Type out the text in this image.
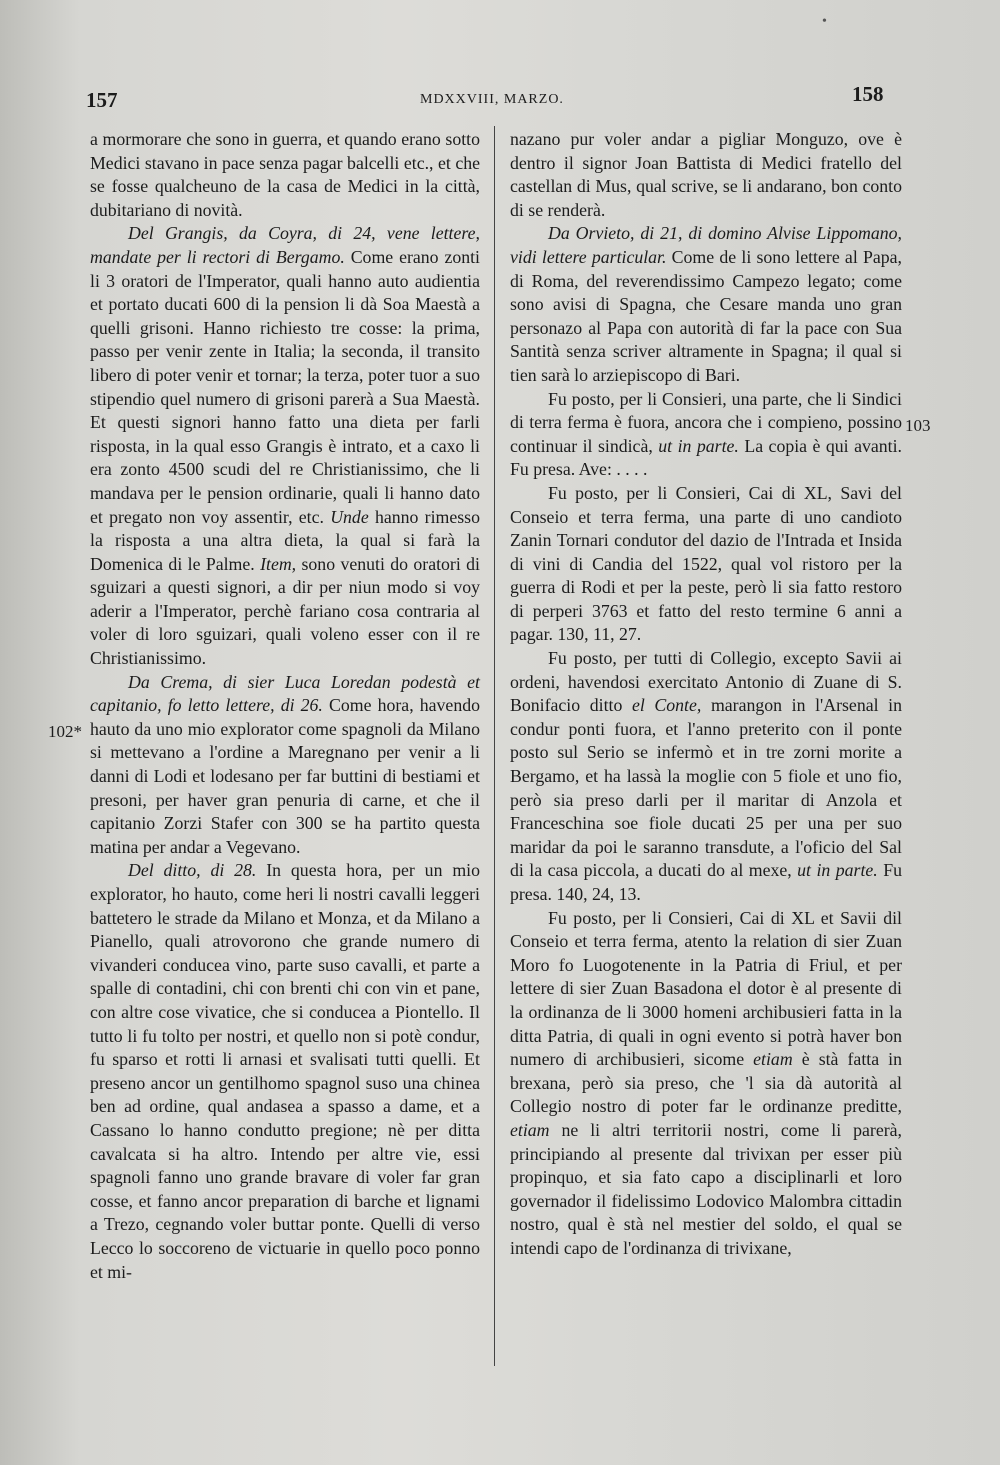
•
157	MDXXVIII, MARZO.	158
102*
103

a mormorare che sono in guerra, et quando erano sotto Medici stavano in pace senza pagar balcelli etc., et che se fosse qualcheuno de la casa de Medici in la città, dubitariano di novità.

Del Grangis, da Coyra, di 24, vene lettere, mandate per li rectori di Bergamo. Come erano zonti li 3 oratori de l'Imperator, quali hanno auto audientia et portato ducati 600 di la pension li dà Soa Maestà a quelli grisoni. Hanno richiesto tre cosse: la prima, passo per venir zente in Italia; la seconda, il transito libero di poter venir et tornar; la terza, poter tuor a suo stipendio quel numero di grisoni parerà a Sua Maestà. Et questi signori hanno fatto una dieta per farli risposta, in la qual esso Grangis è intrato, et a caxo li era zonto 4500 scudi del re Christianissimo, che li mandava per le pension ordinarie, quali li hanno dato et pregato non voy assentir, etc. Unde hanno rimesso la risposta a una altra dieta, la qual si farà la Domenica di le Palme. Item, sono venuti do oratori di sguizari a questi signori, a dir per niun modo si voy aderir a l'Imperator, perchè fariano cosa contraria al voler di loro sguizari, quali voleno esser con il re Christianissimo.

Da Crema, di sier Luca Loredan podestà et capitanio, fo letto lettere, di 26. Come hora, havendo hauto da uno mio explorator come spagnoli da Milano si mettevano a l'ordine a Maregnano per venir a li danni di Lodi et lodesano per far buttini di bestiami et presoni, per haver gran penuria di carne, et che il capitanio Zorzi Stafer con 300 se ha partito questa matina per andar a Vegevano.

Del ditto, di 28. In questa hora, per un mio explorator, ho hauto, come heri li nostri cavalli leggeri battetero le strade da Milano et Monza, et da Milano a Pianello, quali atrovorono che grande numero di vivanderi conducea vino, parte suso cavalli, et parte a spalle di contadini, chi con brenti chi con vin et pane, con altre cose vivatice, che si conducea a Piontello. Il tutto li fu tolto per nostri, et quello non si potè condur, fu sparso et rotti li arnasi et svalisati tutti quelli. Et preseno ancor un gentilhomo spagnol suso una chinea ben ad ordine, qual andasea a spasso a dame, et a Cassano lo hanno condutto pregione; nè per ditta cavalcata si ha altro. Intendo per altre vie, essi spagnoli fanno uno grande bravare di voler far gran cosse, et fanno ancor preparation di barche et lignami a Trezo, cegnando voler buttar ponte. Quelli di verso Lecco lo soccoreno de victuarie in quello poco ponno et mi-

nazano pur voler andar a pigliar Monguzo, ove è dentro il signor Joan Battista di Medici fratello del castellan di Mus, qual scrive, se li andarano, bon conto di se renderà.

Da Orvieto, di 21, di domino Alvise Lippomano, vidi lettere particular. Come de li sono lettere al Papa, di Roma, del reverendissimo Campezo legato; come sono avisi di Spagna, che Cesare manda uno gran personazo al Papa con autorità di far la pace con Sua Santità senza scriver altramente in Spagna; il qual si tien sarà lo arziepiscopo di Bari.

Fu posto, per li Consieri, una parte, che li Sindici di terra ferma è fuora, ancora che i compieno, possino continuar il sindicà, ut in parte. La copia è qui avanti. Fu presa. Ave: . . . .

Fu posto, per li Consieri, Cai di XL, Savi del Conseio et terra ferma, una parte di uno candioto Zanin Tornari condutor del dazio de l'Intrada et Insida di vini di Candia del 1522, qual vol ristoro per la guerra di Rodi et per la peste, però li sia fatto restoro di perperi 3763 et fatto del resto termine 6 anni a pagar. 130, 11, 27.

Fu posto, per tutti di Collegio, excepto Savii ai ordeni, havendosi exercitato Antonio di Zuane di S. Bonifacio ditto el Conte, marangon in l'Arsenal in condur ponti fuora, et l'anno preterito con il ponte posto sul Serio se infermò et in tre zorni morite a Bergamo, et ha lassà la moglie con 5 fiole et uno fio, però sia preso darli per il maritar di Anzola et Franceschina soe fiole ducati 25 per una per suo maridar da poi le saranno transdute, a l'oficio del Sal di la casa piccola, a ducati do al mexe, ut in parte. Fu presa. 140, 24, 13.

Fu posto, per li Consieri, Cai di XL et Savii dil Conseio et terra ferma, atento la relation di sier Zuan Moro fo Luogotenente in la Patria di Friul, et per lettere di sier Zuan Basadona el dotor è al presente di la ordinanza de li 3000 homeni archibusieri fatta in la ditta Patria, di quali in ogni evento si potrà haver bon numero di archibusieri, sicome etiam è stà fatta in brexana, però sia preso, che 'l sia dà autorità al Collegio nostro di poter far le ordinanze preditte, etiam ne li altri territorii nostri, come li parerà, principiando al presente dal trivixan per esser più propinquo, et sia fato capo a disciplinarli et loro governador il fidelissimo Lodovico Malombra cittadin nostro, qual è stà nel mestier del soldo, el qual se intendi capo de l'ordinanza di trivixane,
